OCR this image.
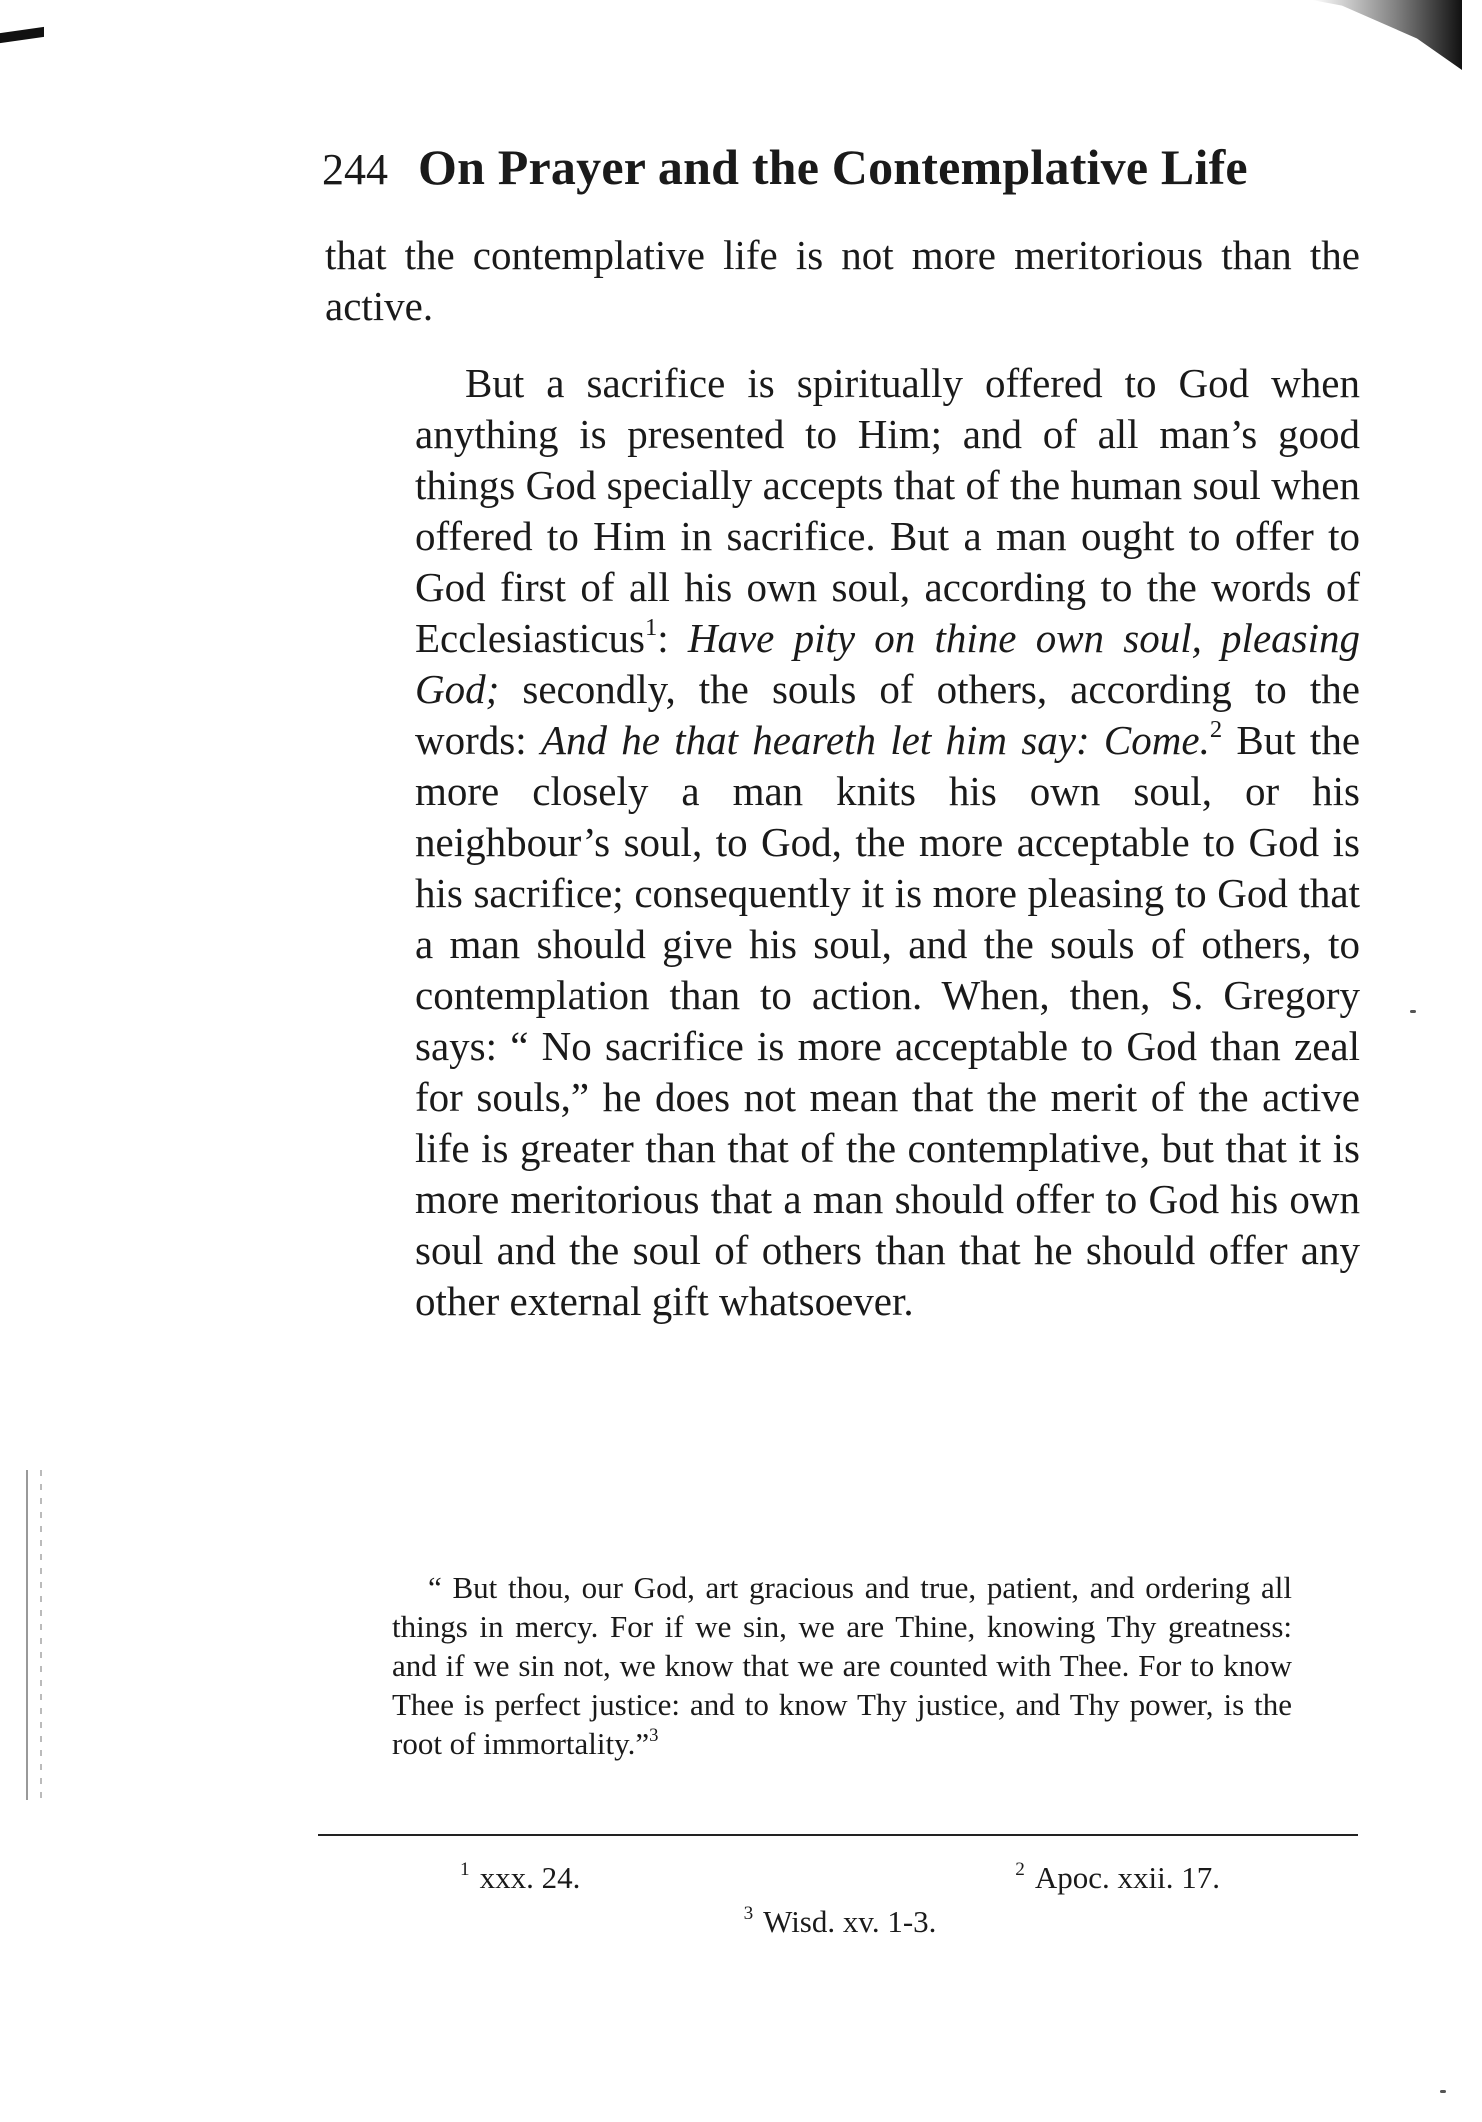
244 On Prayer and the Contemplative Life

that the contemplative life is not more meritorious than the active.

But a sacrifice is spiritually offered to God when anything is presented to Him; and of all man’s good things God specially accepts that of the human soul when offered to Him in sacrifice. But a man ought to offer to God first of all his own soul, according to the words of Ecclesiasticus$^1$: Have pity on thine own soul, pleasing God; secondly, the souls of others, according to the words: And he that heareth let him say: Come.$^2$ But the more closely a man knits his own soul, or his neighbour’s soul, to God, the more acceptable to God is his sacrifice; consequently it is more pleasing to God that a man should give his soul, and the souls of others, to contemplation than to action. When, then, S. Gregory says: “ No sacrifice is more acceptable to God than zeal for souls,” he does not mean that the merit of the active life is greater than that of the contemplative, but that it is more meritorious that a man should offer to God his own soul and the soul of others than that he should offer any other external gift whatsoever.

“ But thou, our God, art gracious and true, patient, and ordering all things in mercy. For if we sin, we are Thine, knowing Thy greatness: and if we sin not, we know that we are counted with Thee. For to know Thee is perfect justice: and to know Thy justice, and Thy power, is the root of immortality.”$^3$

$^1$ xxx. 24.	$^2$ Apoc. xxii. 17.
$^3$ Wisd. xv. 1-3.
